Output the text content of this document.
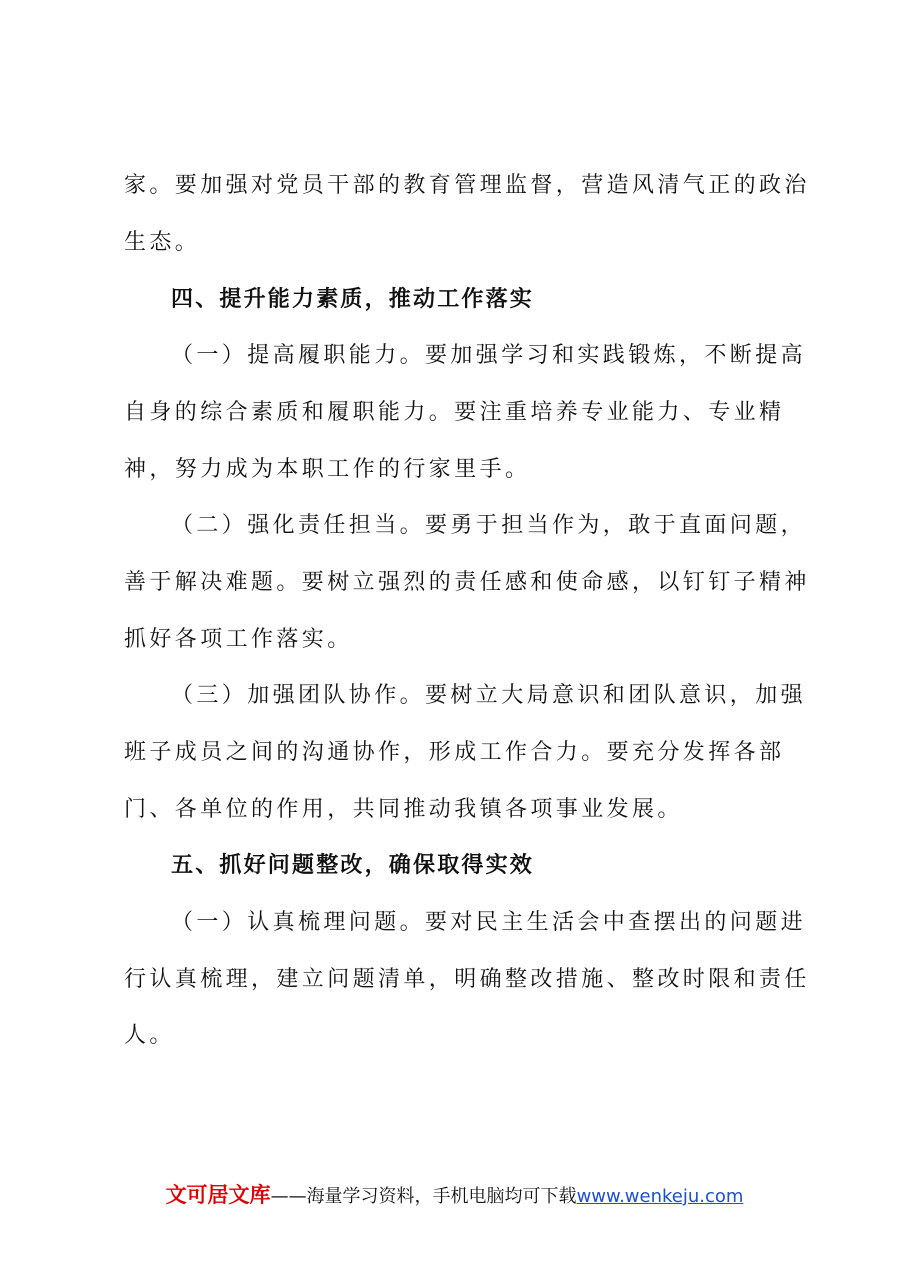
家。要加强对党员干部的教育管理监督，营造风清气正的政治
生态。
四、提升能力素质，推动工作落实
（一）提高履职能力。要加强学习和实践锻炼，不断提高
自身的综合素质和履职能力。要注重培养专业能力、专业精
神，努力成为本职工作的行家里手。
（二）强化责任担当。要勇于担当作为，敢于直面问题，
善于解决难题。要树立强烈的责任感和使命感，以钉钉子精神
抓好各项工作落实。
（三）加强团队协作。要树立大局意识和团队意识，加强
班子成员之间的沟通协作，形成工作合力。要充分发挥各部
门、各单位的作用，共同推动我镇各项事业发展。
五、抓好问题整改，确保取得实效
（一）认真梳理问题。要对民主生活会中查摆出的问题进
行认真梳理，建立问题清单，明确整改措施、整改时限和责任
人。
文可居文库——海量学习资料，手机电脑均可下载www.wenkeju.com
